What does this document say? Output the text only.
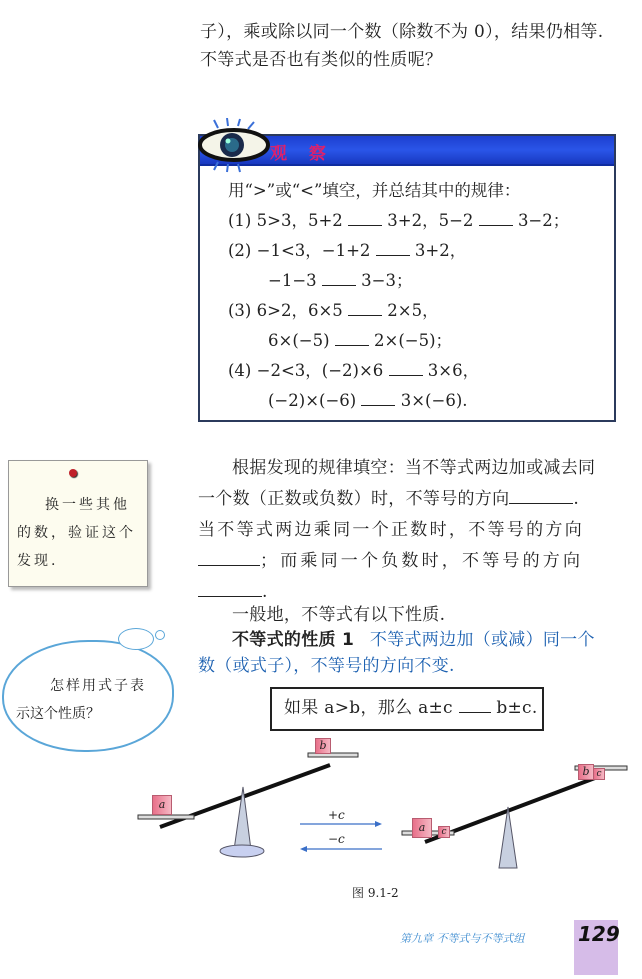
子），乘或除以同一个数（除数不为 0），结果仍相等.
不等式是否也有类似的性质呢？
观 察
用“>”或“<”填空，并总结其中的规律：
(1) 5>3，5+2	3+2，5−2	3−2；
(2) −1<3，−1+2	3+2，
−1−3	3−3；
(3) 6>2，6×5	2×5，
6×(−5)	2×(−5)；
(4) −2<3，(−2)×6	3×6，
(−2)×(−6)	3×(−6).
换一些其他
的数，验证这个
发现.
根据发现的规律填空：当不等式两边加或减去同
一个数（正数或负数）时，不等号的方向	.
当不等式两边乘同一个正数时，不等号的方向
；而乘同一个负数时，不等号的方向
.
一般地，不等式有以下性质.
不等式的性质 1 不等式两边加（或减）同一个
数（或式子），不等号的方向不变.
怎样用式子表
示这个性质？	如果 a>b，那么 a±c	b±c.
a
b
+c
−c
a	c
b c
图 9.1-2
第九章 不等式与不等式组	129
